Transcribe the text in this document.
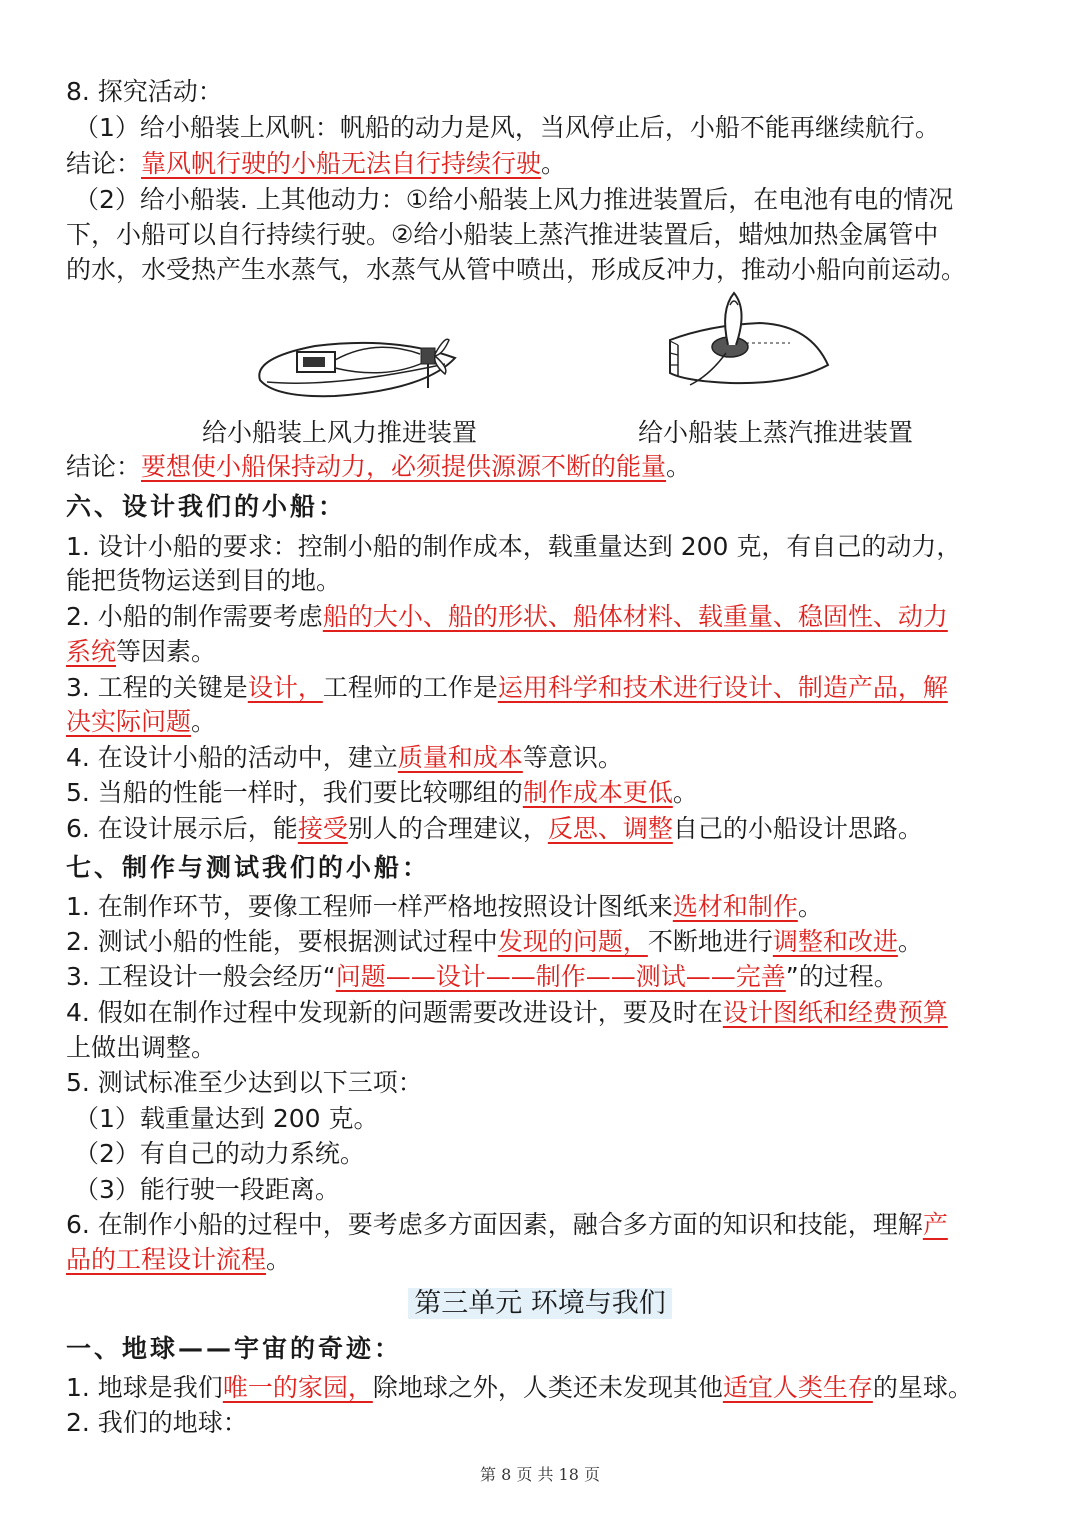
8. 探究活动：
（1）给小船装上风帆：帆船的动力是风，当风停止后，小船不能再继续航行。
结论：靠风帆行驶的小船无法自行持续行驶。
（2）给小船装. 上其他动力：①给小船装上风力推进装置后，在电池有电的情况
下，小船可以自行持续行驶。②给小船装上蒸汽推进装置后，蜡烛加热金属管中
的水，水受热产生水蒸气，水蒸气从管中喷出，形成反冲力，推动小船向前运动。
给小船装上风力推进装置	给小船装上蒸汽推进装置
结论：要想使小船保持动力，必须提供源源不断的能量。
六、设计我们的小船：
1. 设计小船的要求：控制小船的制作成本，载重量达到 200 克，有自己的动力，
能把货物运送到目的地。
2. 小船的制作需要考虑船的大小、船的形状、船体材料、载重量、稳固性、动力
系统等因素。
3. 工程的关键是设计，工程师的工作是运用科学和技术进行设计、制造产品，解
决实际问题。
4. 在设计小船的活动中，建立质量和成本等意识。
5. 当船的性能一样时，我们要比较哪组的制作成本更低。
6. 在设计展示后，能接受别人的合理建议，反思、调整自己的小船设计思路。
七、制作与测试我们的小船：
1. 在制作环节，要像工程师一样严格地按照设计图纸来选材和制作。
2. 测试小船的性能，要根据测试过程中发现的问题，不断地进行调整和改进。
3. 工程设计一般会经历“问题——设计——制作——测试——完善”的过程。
4. 假如在制作过程中发现新的问题需要改进设计，要及时在设计图纸和经费预算
上做出调整。
5. 测试标准至少达到以下三项：
（1）载重量达到 200 克。
（2）有自己的动力系统。
（3）能行驶一段距离。
6. 在制作小船的过程中，要考虑多方面因素，融合多方面的知识和技能，理解产
品的工程设计流程。
第三单元 环境与我们
一、地球——宇宙的奇迹：
1. 地球是我们唯一的家园，除地球之外，人类还未发现其他适宜人类生存的星球。
2. 我们的地球：
第 8 页 共 18 页
